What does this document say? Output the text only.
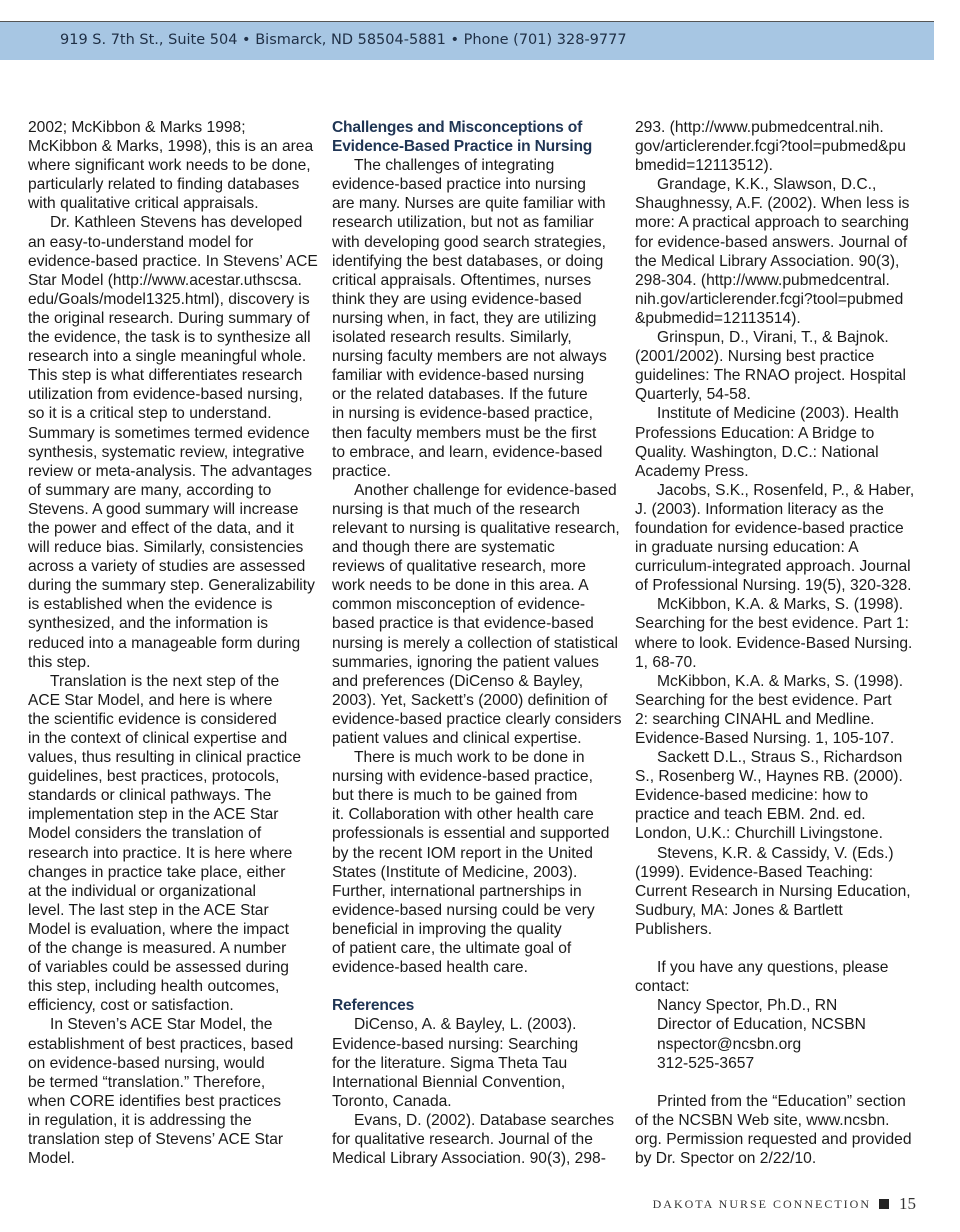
919 S. 7th St., Suite 504 • Bismarck, ND 58504-5881 • Phone (701) 328-9777
2002; McKibbon & Marks 1998;
McKibbon & Marks, 1998), this is an area
where significant work needs to be done,
particularly related to finding databases
with qualitative critical appraisals.
Dr. Kathleen Stevens has developed
an easy-to-understand model for
evidence-based practice. In Stevens’ ACE
Star Model (http://www.acestar.uthscsa.
edu/Goals/model1325.html), discovery is
the original research. During summary of
the evidence, the task is to synthesize all
research into a single meaningful whole.
This step is what differentiates research
utilization from evidence-based nursing,
so it is a critical step to understand.
Summary is sometimes termed evidence
synthesis, systematic review, integrative
review or meta-analysis. The advantages
of summary are many, according to
Stevens. A good summary will increase
the power and effect of the data, and it
will reduce bias. Similarly, consistencies
across a variety of studies are assessed
during the summary step. Generalizability
is established when the evidence is
synthesized, and the information is
reduced into a manageable form during
this step.
Translation is the next step of the
ACE Star Model, and here is where
the scientific evidence is considered
in the context of clinical expertise and
values, thus resulting in clinical practice
guidelines, best practices, protocols,
standards or clinical pathways. The
implementation step in the ACE Star
Model considers the translation of
research into practice. It is here where
changes in practice take place, either
at the individual or organizational
level. The last step in the ACE Star
Model is evaluation, where the impact
of the change is measured. A number
of variables could be assessed during
this step, including health outcomes,
efficiency, cost or satisfaction.
In Steven’s ACE Star Model, the
establishment of best practices, based
on evidence-based nursing, would
be termed “translation.” Therefore,
when CORE identifies best practices
in regulation, it is addressing the
translation step of Stevens’ ACE Star
Model.
Challenges and Misconceptions of
Evidence-Based Practice in Nursing
The challenges of integrating
evidence-based practice into nursing
are many. Nurses are quite familiar with
research utilization, but not as familiar
with developing good search strategies,
identifying the best databases, or doing
critical appraisals. Oftentimes, nurses
think they are using evidence-based
nursing when, in fact, they are utilizing
isolated research results. Similarly,
nursing faculty members are not always
familiar with evidence-based nursing
or the related databases. If the future
in nursing is evidence-based practice,
then faculty members must be the first
to embrace, and learn, evidence-based
practice.
Another challenge for evidence-based
nursing is that much of the research
relevant to nursing is qualitative research,
and though there are systematic
reviews of qualitative research, more
work needs to be done in this area. A
common misconception of evidence-
based practice is that evidence-based
nursing is merely a collection of statistical
summaries, ignoring the patient values
and preferences (DiCenso & Bayley,
2003). Yet, Sackett’s (2000) definition of
evidence-based practice clearly considers
patient values and clinical expertise.
There is much work to be done in
nursing with evidence-based practice,
but there is much to be gained from
it. Collaboration with other health care
professionals is essential and supported
by the recent IOM report in the United
States (Institute of Medicine, 2003).
Further, international partnerships in
evidence-based nursing could be very
beneficial in improving the quality
of patient care, the ultimate goal of
evidence-based health care.
References
DiCenso, A. & Bayley, L. (2003).
Evidence-based nursing: Searching
for the literature. Sigma Theta Tau
International Biennial Convention,
Toronto, Canada.
Evans, D. (2002). Database searches
for qualitative research. Journal of the
Medical Library Association. 90(3), 298-
293. (http://www.pubmedcentral.nih.
gov/articlerender.fcgi?tool=pubmed&pu
bmedid=12113512).
Grandage, K.K., Slawson, D.C.,
Shaughnessy, A.F. (2002). When less is
more: A practical approach to searching
for evidence-based answers. Journal of
the Medical Library Association. 90(3),
298-304. (http://www.pubmedcentral.
nih.gov/articlerender.fcgi?tool=pubmed
&pubmedid=12113514).
Grinspun, D., Virani, T., & Bajnok.
(2001/2002). Nursing best practice
guidelines: The RNAO project. Hospital
Quarterly, 54-58.
Institute of Medicine (2003). Health
Professions Education: A Bridge to
Quality. Washington, D.C.: National
Academy Press.
Jacobs, S.K., Rosenfeld, P., & Haber,
J. (2003). Information literacy as the
foundation for evidence-based practice
in graduate nursing education: A
curriculum-integrated approach. Journal
of Professional Nursing. 19(5), 320-328.
McKibbon, K.A. & Marks, S. (1998).
Searching for the best evidence. Part 1:
where to look. Evidence-Based Nursing.
1, 68-70.
McKibbon, K.A. & Marks, S. (1998).
Searching for the best evidence. Part
2: searching CINAHL and Medline.
Evidence-Based Nursing. 1, 105-107.
Sackett D.L., Straus S., Richardson
S., Rosenberg W., Haynes RB. (2000).
Evidence-based medicine: how to
practice and teach EBM. 2nd. ed.
London, U.K.: Churchill Livingstone.
Stevens, K.R. & Cassidy, V. (Eds.)
(1999). Evidence-Based Teaching:
Current Research in Nursing Education,
Sudbury, MA: Jones & Bartlett
Publishers.
If you have any questions, please
contact:
Nancy Spector, Ph.D., RN
Director of Education, NCSBN
nspector@ncsbn.org
312-525-3657
Printed from the “Education” section
of the NCSBN Web site, www.ncsbn.
org. Permission requested and provided
by Dr. Spector on 2/22/10.
DAKOTA NURSE CONNECTION 15
